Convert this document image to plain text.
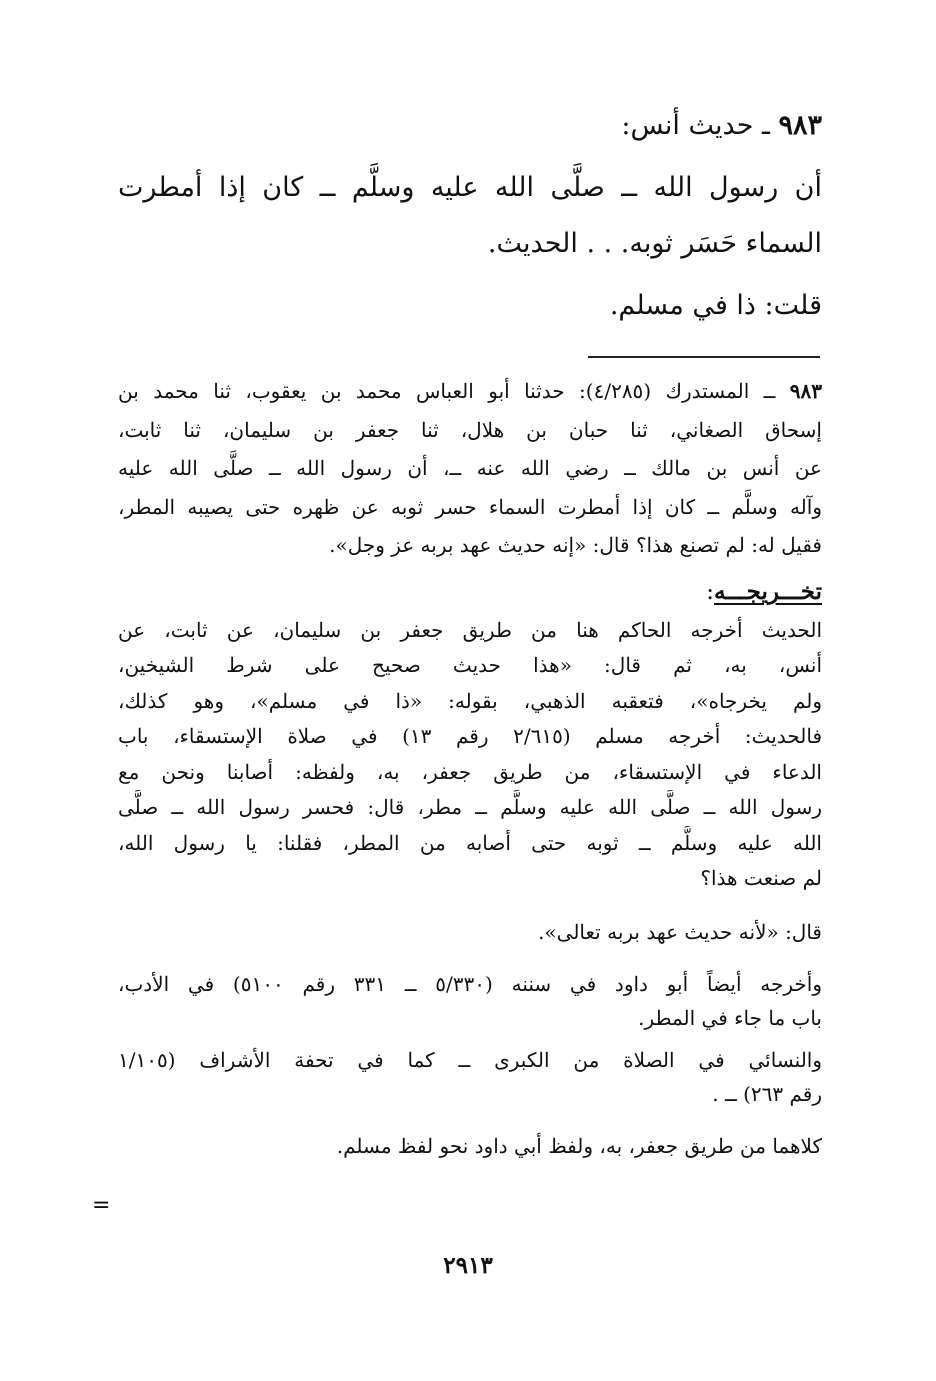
٩٨٣ ـ حديث أنس:
أن رسول الله ــ صلَّى الله عليه وسلَّم ــ كان إذا أمطرت
السماء حَسَر ثوبه. . . الحديث.
قلت: ذا في مسلم.
٩٨٣ ــ المستدرك (٤/٢٨٥): حدثنا أبو العباس محمد بن يعقوب، ثنا محمد بن
إسحاق الصغاني، ثنا حبان بن هلال، ثنا جعفر بن سليمان، ثنا ثابت،
عن أنس بن مالك ــ رضي الله عنه ــ، أن رسول الله ــ صلَّى الله عليه
وآله وسلَّم ــ كان إذا أمطرت السماء حسر ثوبه عن ظهره حتى يصيبه المطر،
فقيل له: لم تصنع هذا؟ قال: «إنه حديث عهد بربه عز وجل».
تخـــريجـــه:
الحديث أخرجه الحاكم هنا من طريق جعفر بن سليمان، عن ثابت، عن
أنس، به، ثم قال: «هذا حديث صحيح على شرط الشيخين،
ولم يخرجاه»، فتعقبه الذهبي، بقوله: «ذا في مسلم»، وهو كذلك،
فالحديث: أخرجه مسلم (٢/٦١٥ رقم ١٣) في صلاة الإستسقاء، باب
الدعاء في الإستسقاء، من طريق جعفر، به، ولفظه: أصابنا ونحن مع
رسول الله ــ صلَّى الله عليه وسلَّم ــ مطر، قال: فحسر رسول الله ــ صلَّى
الله عليه وسلَّم ــ ثوبه حتى أصابه من المطر، فقلنا: يا رسول الله،
لم صنعت هذا؟
قال: «لأنه حديث عهد بربه تعالى».
وأخرجه أيضاً أبو داود في سننه (٥/٣٣٠ ــ ٣٣١ رقم ٥١٠٠) في الأدب،
باب ما جاء في المطر.
والنسائي في الصلاة من الكبرى ــ كما في تحفة الأشراف (١/١٠٥
رقم ٢٦٣) ــ .
كلاهما من طريق جعفر، به، ولفظ أبي داود نحو لفظ مسلم.
=
٢٩١٣
